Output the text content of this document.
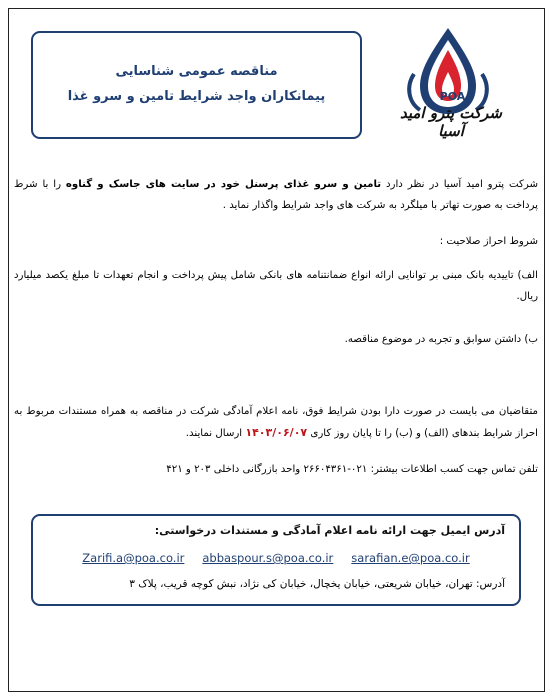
مناقصه عمومی شناسایی
پیمانکاران واجد شرایط تامین و سرو غذا	POA
شرکت پترو امید آسیا
شرکت پترو امید آسیا در نظر دارد تامین و سرو غذای پرسنل خود در سایت های جاسک و گناوه را با شرط پرداخت به صورت تهاتر با میلگرد به شرکت های واجد شرایط واگذار نماید .
شروط احراز صلاحیت :
الف) تاییدیه بانک مبنی بر توانایی ارائه انواع ضمانتنامه های بانکی شامل پیش پرداخت و انجام تعهدات تا مبلغ یکصد میلیارد ریال.
ب) داشتن سوابق و تجربه در موضوع مناقصه.
متقاضیان می بایست در صورت دارا بودن شرایط فوق، نامه اعلام آمادگی شرکت در مناقصه به همراه مستندات مربوط به احراز شرایط بندهای (الف) و (ب) را تا پایان روز کاری ۱۴۰۳/۰۶/۰۷ ارسال نمایند.
تلفن تماس جهت کسب اطلاعات بیشتر: ۰۲۱-۲۶۶۰۴۳۶۱ واحد بازرگانی داخلی ۲۰۳ و ۴۲۱
آدرس ایمیل جهت ارائه نامه اعلام آمادگی و مستندات درخواستی:
Zarifi.a@poa.co.ir abbaspour.s@poa.co.ir sarafian.e@poa.co.ir
آدرس: تهران، خیابان شریعتی، خیابان یخچال، خیابان کی نژاد، نبش کوچه قریب، پلاک ۳
